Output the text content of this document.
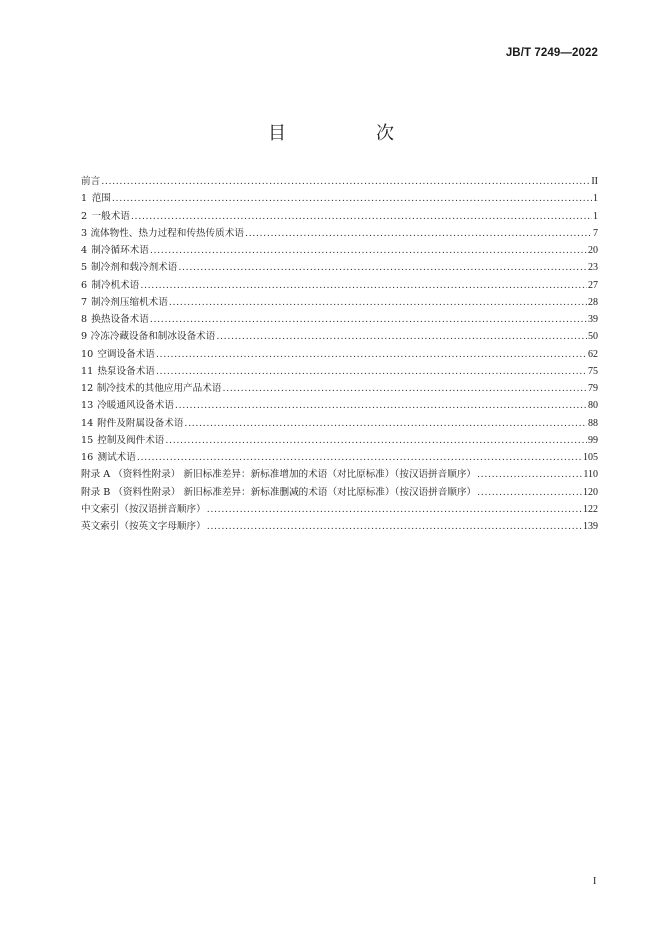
JB/T 7249—2022
目　次
前言 .....	II
1 范围 .....	1
2 一般术语 .....	1
3 流体物性、热力过程和传热传质术语 .....	7
4 制冷循环术语 .....	20
5 制冷剂和载冷剂术语 .....	23
6 制冷机术语 .....	27
7 制冷剂压缩机术语 .....	28
8 换热设备术语 .....	39
9 冷冻冷藏设备和制冰设备术语 .....	50
10 空调设备术语 .....	62
11 热泵设备术语 .....	75
12 制冷技术的其他应用产品术语 .....	79
13 冷暖通风设备术语 .....	80
14 附件及附属设备术语 .....	88
15 控制及阀件术语 .....	99
16 测试术语 .....	105
附录 A （资料性附录） 新旧标准差异：新标准增加的术语（对比原标准）（按汉语拼音顺序） .....	110
附录 B （资料性附录） 新旧标准差异：新标准删减的术语（对比原标准）（按汉语拼音顺序） .....	120
中文索引（按汉语拼音顺序） .....	122
英文索引（按英文字母顺序） .....	139
I
